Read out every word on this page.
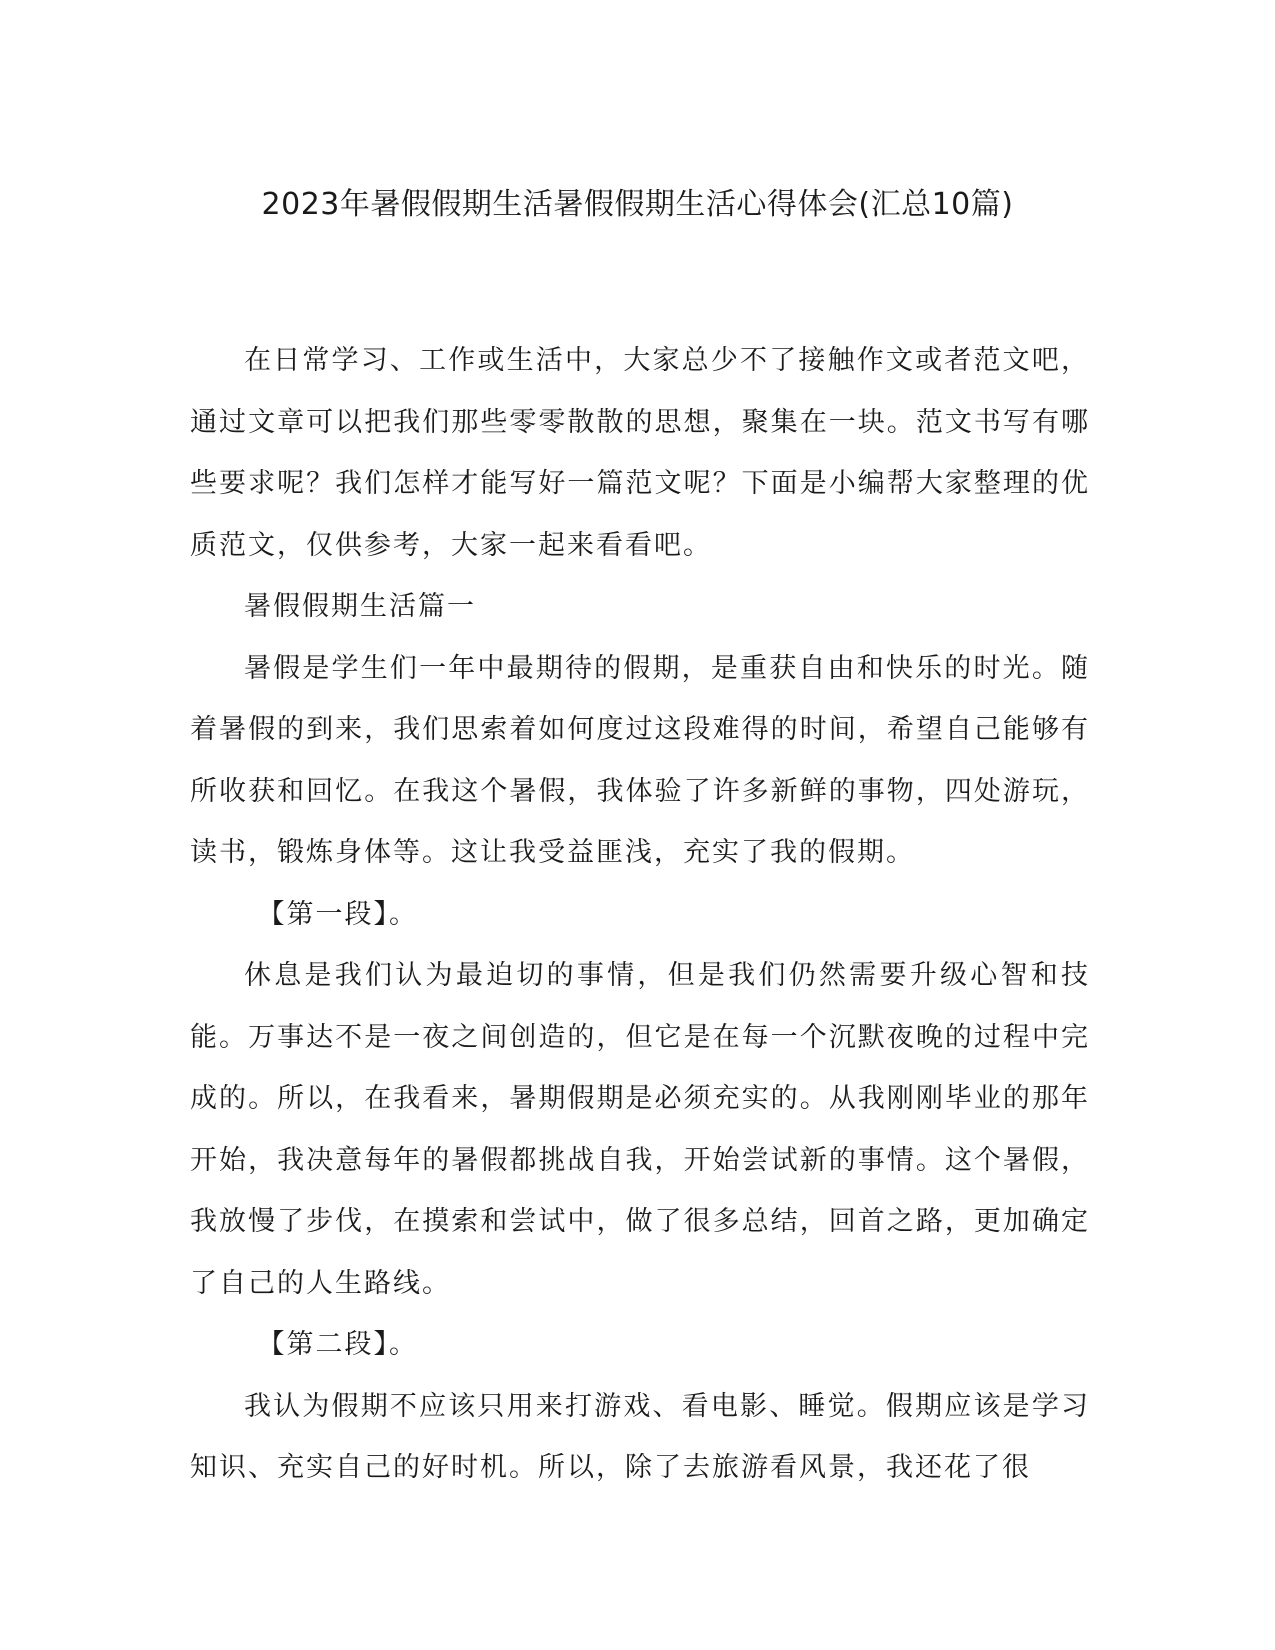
2023年暑假假期生活暑假假期生活心得体会(汇总10篇)

在日常学习、工作或生活中，大家总少不了接触作文或者范文吧，通过文章可以把我们那些零零散散的思想，聚集在一块。范文书写有哪些要求呢？我们怎样才能写好一篇范文呢？下面是小编帮大家整理的优质范文，仅供参考，大家一起来看看吧。

暑假假期生活篇一

暑假是学生们一年中最期待的假期，是重获自由和快乐的时光。随着暑假的到来，我们思索着如何度过这段难得的时间，希望自己能够有所收获和回忆。在我这个暑假，我体验了许多新鲜的事物，四处游玩，读书，锻炼身体等。这让我受益匪浅，充实了我的假期。

【第一段】。

休息是我们认为最迫切的事情，但是我们仍然需要升级心智和技能。万事达不是一夜之间创造的，但它是在每一个沉默夜晚的过程中完成的。所以，在我看来，暑期假期是必须充实的。从我刚刚毕业的那年开始，我决意每年的暑假都挑战自我，开始尝试新的事情。这个暑假，我放慢了步伐，在摸索和尝试中，做了很多总结，回首之路，更加确定了自己的人生路线。

【第二段】。

我认为假期不应该只用来打游戏、看电影、睡觉。假期应该是学习知识、充实自己的好时机。所以，除了去旅游看风景，我还花了很
